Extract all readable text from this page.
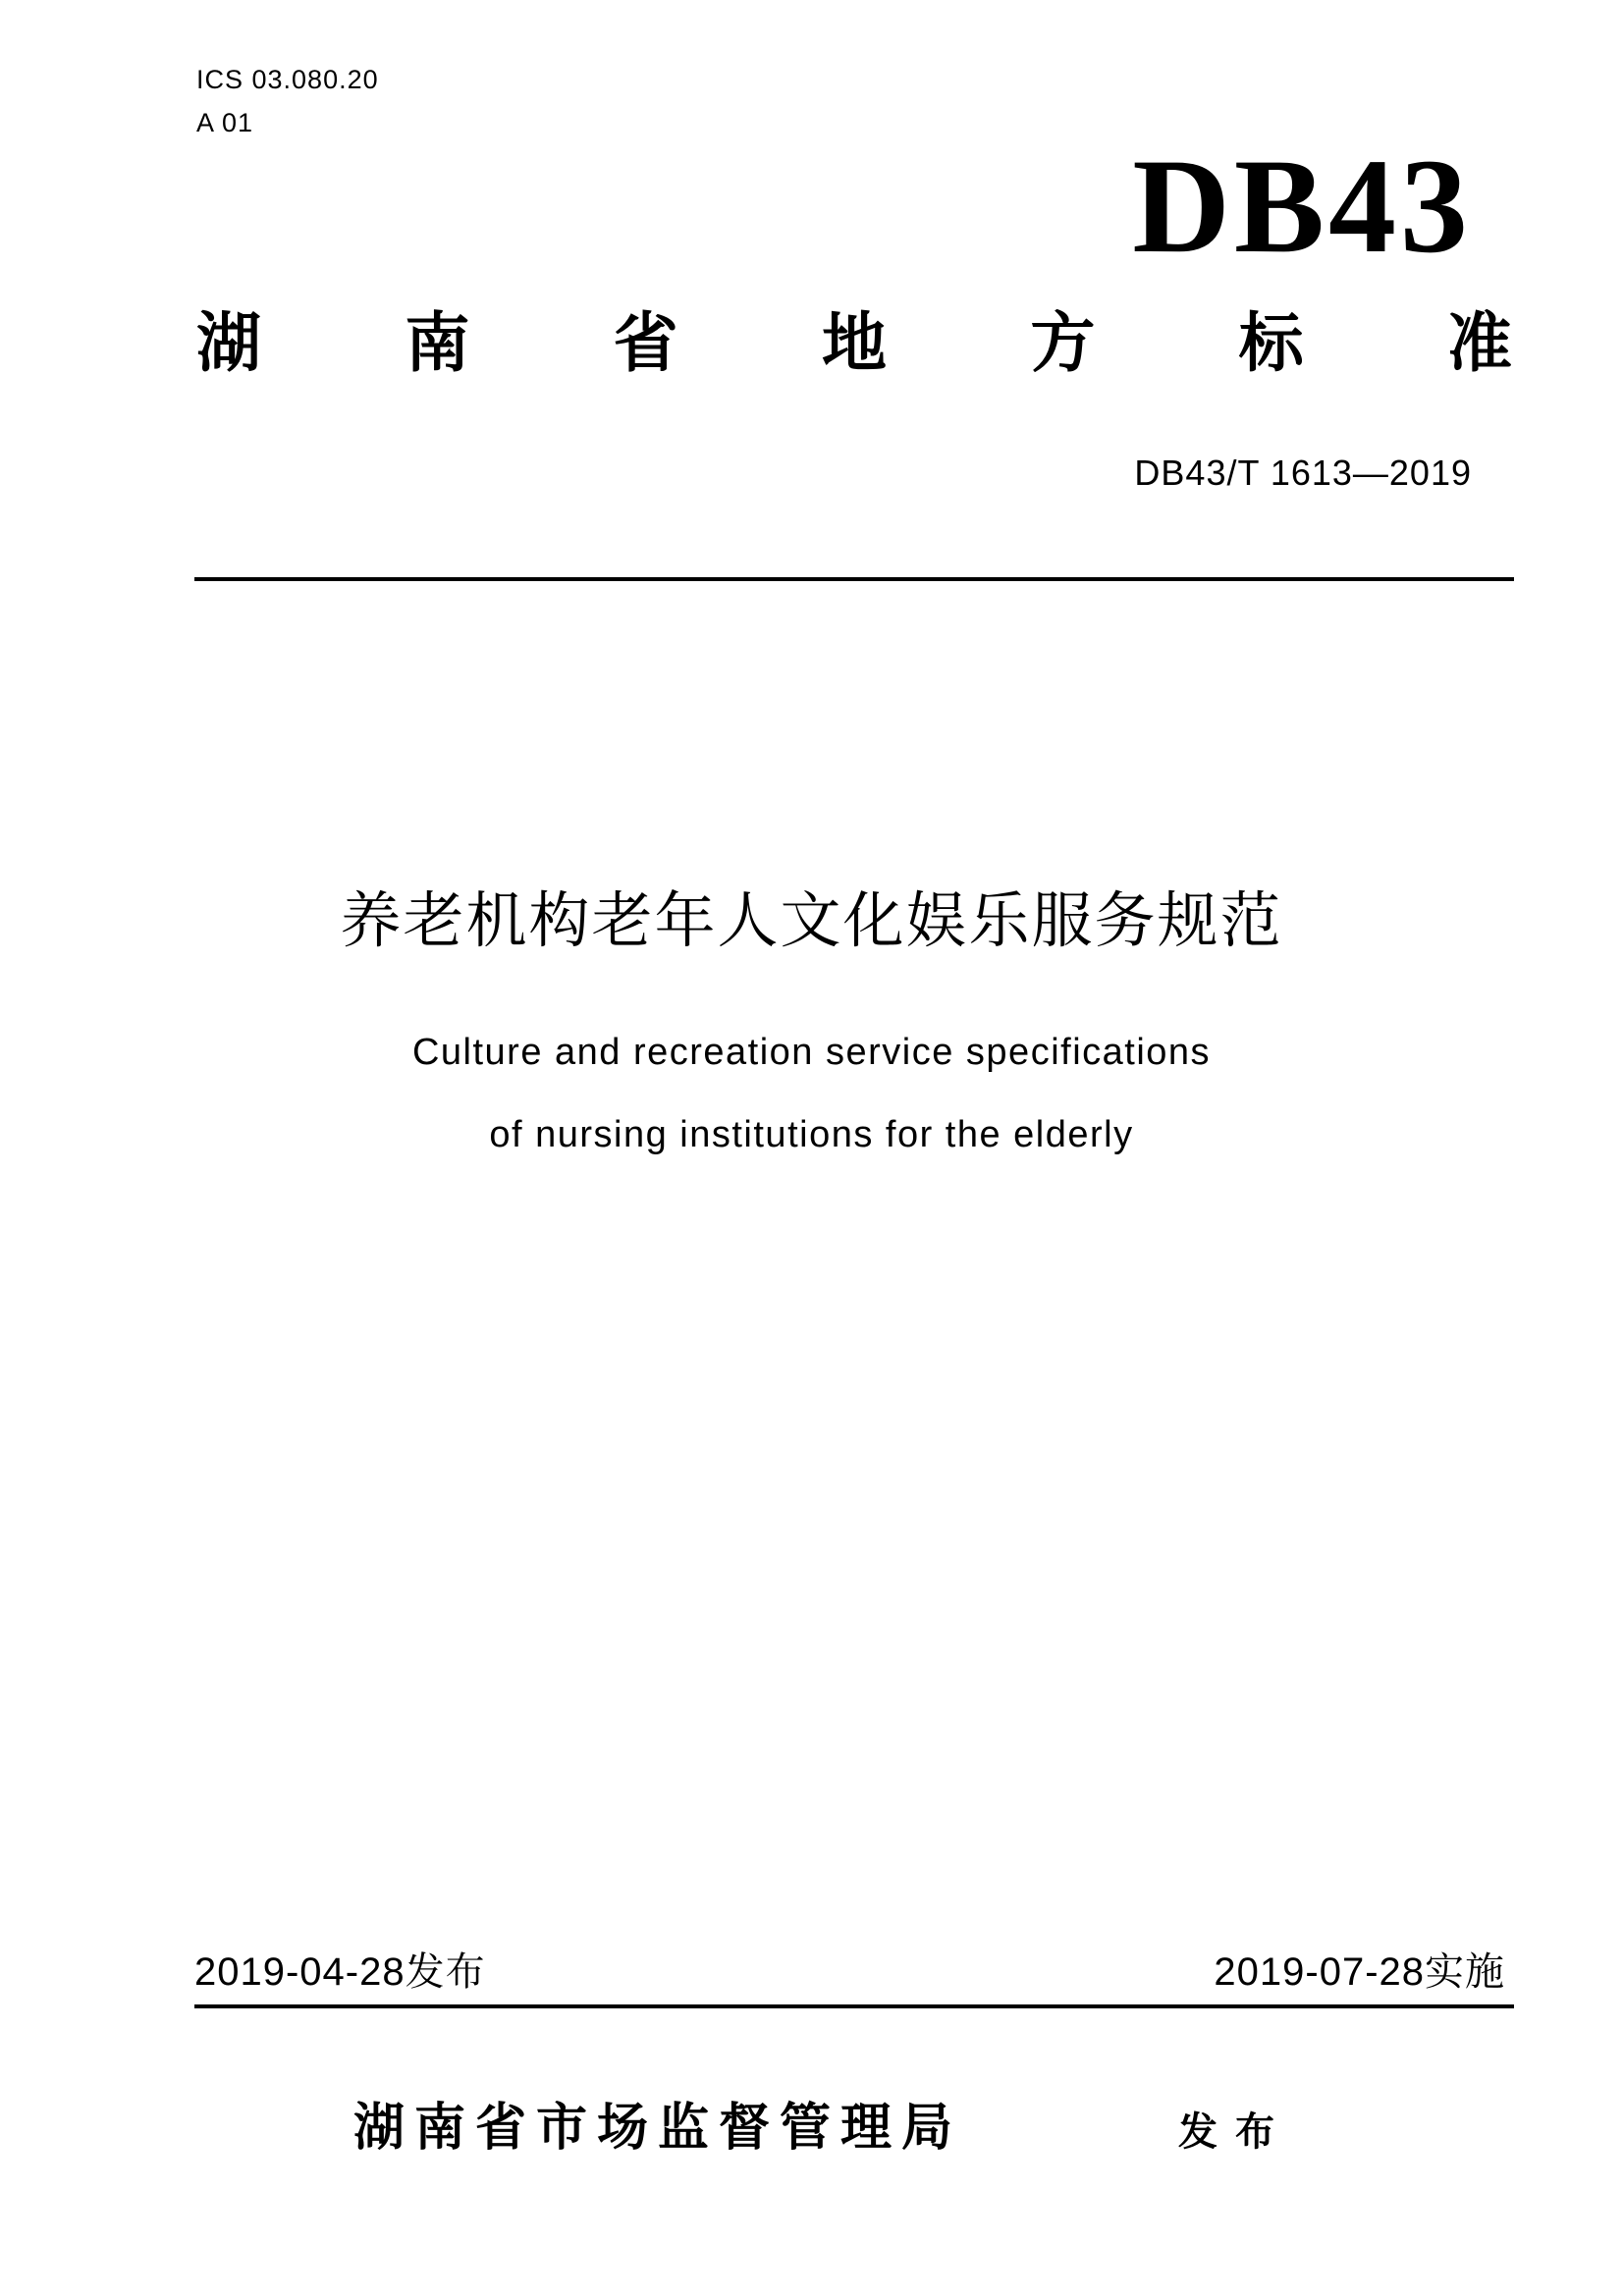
ICS 03.080.20
A 01
DB43
湖 南 省 地 方 标 准
DB43/T 1613—2019
养老机构老年人文化娱乐服务规范
Culture and recreation service specifications
of nursing institutions for the elderly
2019-04-28发布	2019-07-28实施
湖南省市场监督管理局	发布
